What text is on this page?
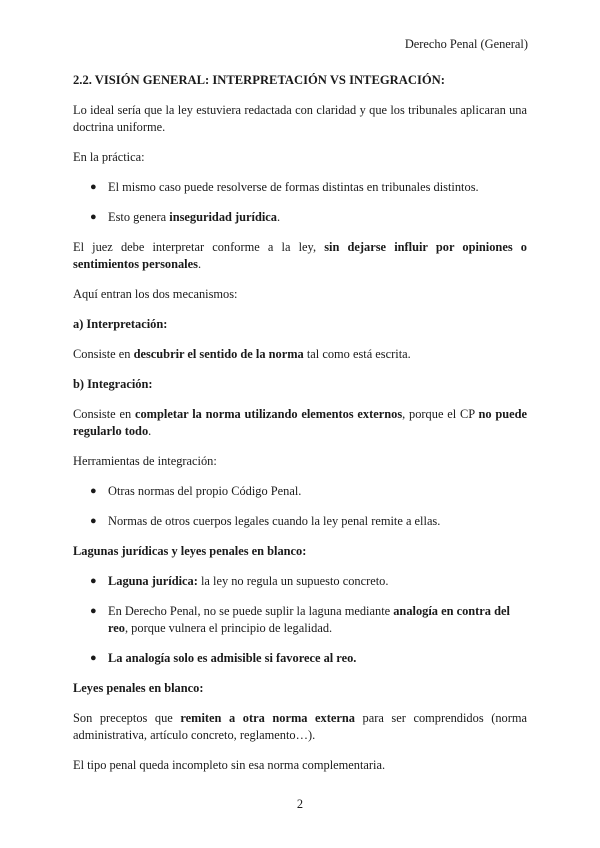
Derecho Penal (General)
2.2. VISIÓN GENERAL: INTERPRETACIÓN VS INTEGRACIÓN:

Lo ideal sería que la ley estuviera redactada con claridad y que los tribunales aplicaran una doctrina uniforme.

En la práctica:

● El mismo caso puede resolverse de formas distintas en tribunales distintos.
● Esto genera inseguridad jurídica.

El juez debe interpretar conforme a la ley, sin dejarse influir por opiniones o sentimientos personales.

Aquí entran los dos mecanismos:

a) Interpretación:

Consiste en descubrir el sentido de la norma tal como está escrita.

b) Integración:

Consiste en completar la norma utilizando elementos externos, porque el CP no puede regularlo todo.

Herramientas de integración:

● Otras normas del propio Código Penal.
● Normas de otros cuerpos legales cuando la ley penal remite a ellas.
Lagunas jurídicas y leyes penales en blanco:
● Laguna jurídica: la ley no regula un supuesto concreto.
● En Derecho Penal, no se puede suplir la laguna mediante analogía en contra del reo, porque vulnera el principio de legalidad.
● La analogía solo es admisible si favorece al reo.
Leyes penales en blanco:

Son preceptos que remiten a otra norma externa para ser comprendidos (norma administrativa, artículo concreto, reglamento…).

El tipo penal queda incompleto sin esa norma complementaria.

2
